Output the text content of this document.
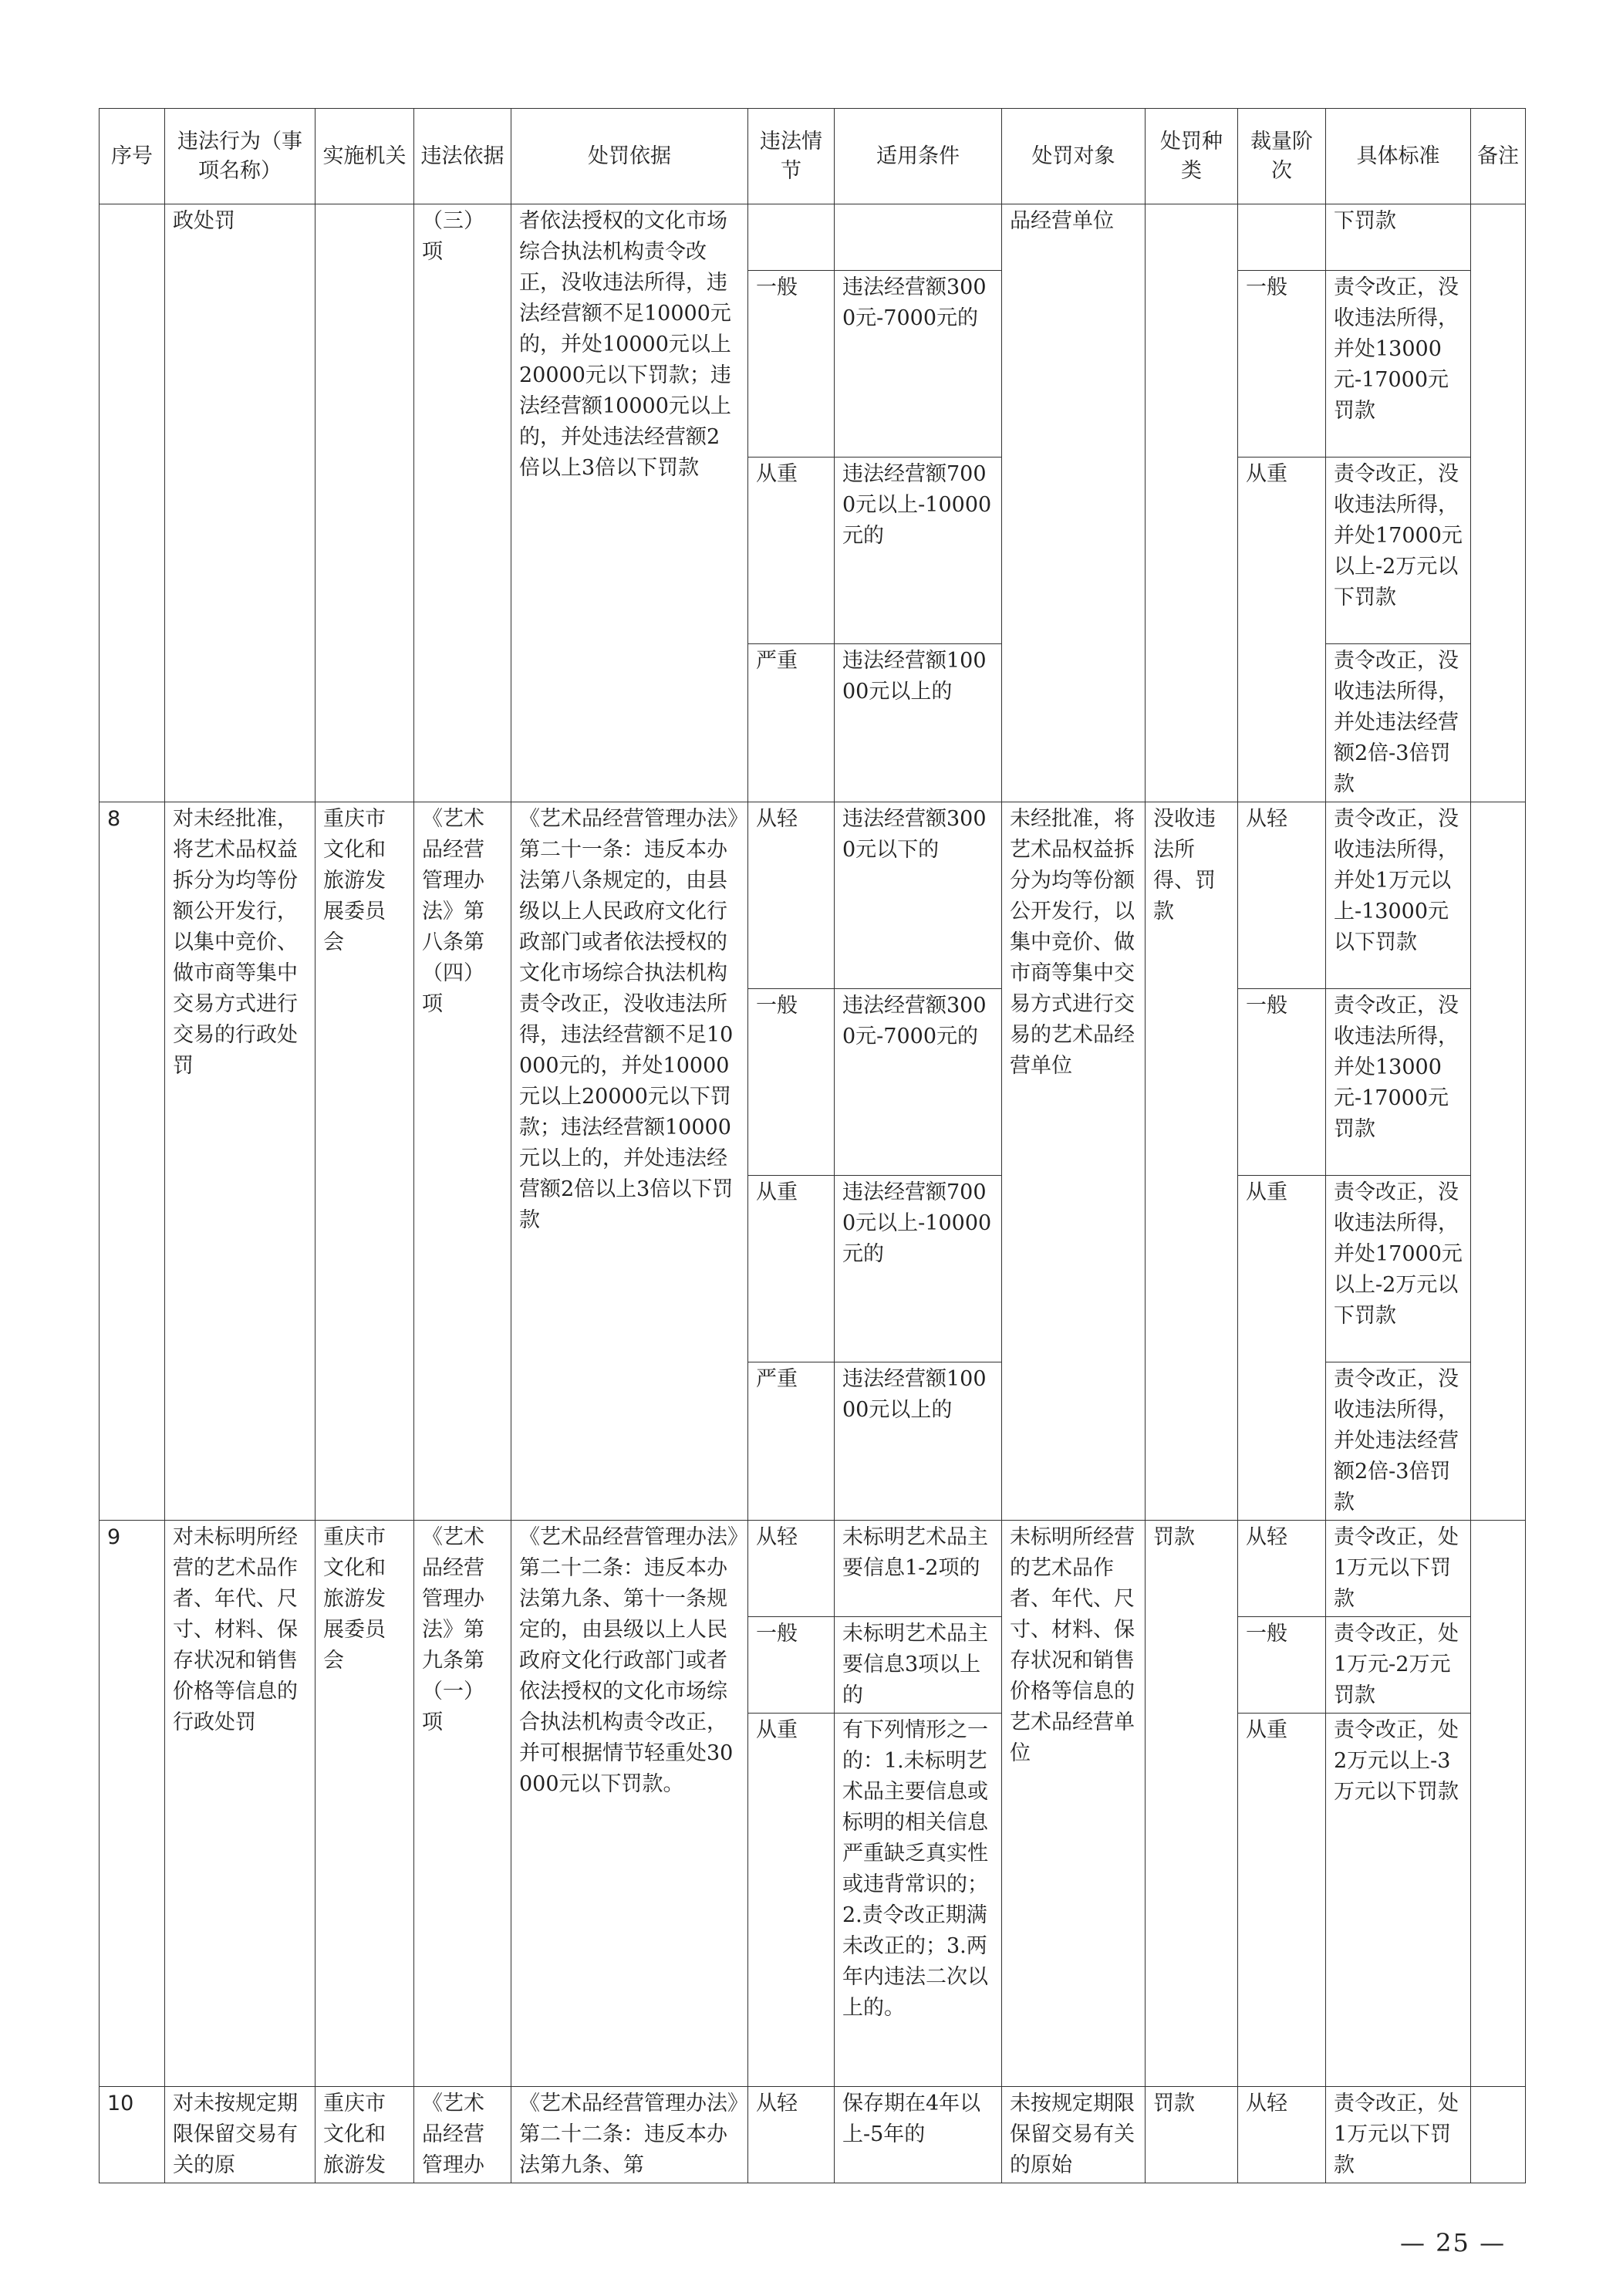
序号	违法行为（事项名称）	实施机关	违法依据	处罚依据	违法情节	适用条件	处罚对象	处罚种类	裁量阶次	具体标准	备注
	政处罚		（三）项	者依法授权的文化市场综合执法机构责令改正，没收违法所得，违法经营额不足10000元的，并处10000元以上20000元以下罚款；违法经营额10000元以上的，并处违法经营额2倍以上3倍以下罚款			品经营单位			下罚款	
					一般	违法经营额3000元-7000元的			一般	责令改正，没收违法所得，并处13000元-17000元罚款	
					从重	违法经营额7000元以上-10000元的			从重	责令改正，没收违法所得，并处17000元以上-2万元以下罚款	
					严重	违法经营额10000元以上的				责令改正，没收违法所得，并处违法经营额2倍-3倍罚款	
8	对未经批准，将艺术品权益拆分为均等份额公开发行，以集中竞价、做市商等集中交易方式进行交易的行政处罚	重庆市文化和旅游发展委员会	《艺术品经营管理办法》第八条第（四）项	《艺术品经营管理办法》第二十一条：违反本办法第八条规定的，由县级以上人民政府文化行政部门或者依法授权的文化市场综合执法机构责令改正，没收违法所得，违法经营额不足10000元的，并处10000元以上20000元以下罚款；违法经营额10000元以上的，并处违法经营额2倍以上3倍以下罚款	从轻	违法经营额3000元以下的	未经批准，将艺术品权益拆分为均等份额公开发行，以集中竞价、做市商等集中交易方式进行交易的艺术品经营单位	没收违法所得、罚款	从轻	责令改正，没收违法所得，并处1万元以上-13000元以下罚款	
					一般	违法经营额3000元-7000元的			一般	责令改正，没收违法所得，并处13000元-17000元罚款	
					从重	违法经营额7000元以上-10000元的			从重	责令改正，没收违法所得，并处17000元以上-2万元以下罚款	
					严重	违法经营额10000元以上的				责令改正，没收违法所得，并处违法经营额2倍-3倍罚款	
9	对未标明所经营的艺术品作者、年代、尺寸、材料、保存状况和销售价格等信息的行政处罚	重庆市文化和旅游发展委员会	《艺术品经营管理办法》第九条第（一）项	《艺术品经营管理办法》第二十二条：违反本办法第九条、第十一条规定的，由县级以上人民政府文化行政部门或者依法授权的文化市场综合执法机构责令改正，并可根据情节轻重处30000元以下罚款。	从轻	未标明艺术品主要信息1-2项的	未标明所经营的艺术品作者、年代、尺寸、材料、保存状况和销售价格等信息的艺术品经营单位	罚款	从轻	责令改正，处1万元以下罚款	
					一般	未标明艺术品主要信息3项以上的			一般	责令改正，处1万元-2万元罚款	
					从重	有下列情形之一的：1.未标明艺术品主要信息或标明的相关信息严重缺乏真实性或违背常识的；2.责令改正期满未改正的；3.两年内违法二次以上的。			从重	责令改正，处2万元以上-3万元以下罚款	
10	对未按规定期限保留交易有关的原	重庆市文化和旅游发	《艺术品经营管理办	《艺术品经营管理办法》第二十二条：违反本办法第九条、第	从轻	保存期在4年以上-5年的	未按规定期限保留交易有关的原始	罚款	从轻	责令改正，处1万元以下罚款	
— 25 —
